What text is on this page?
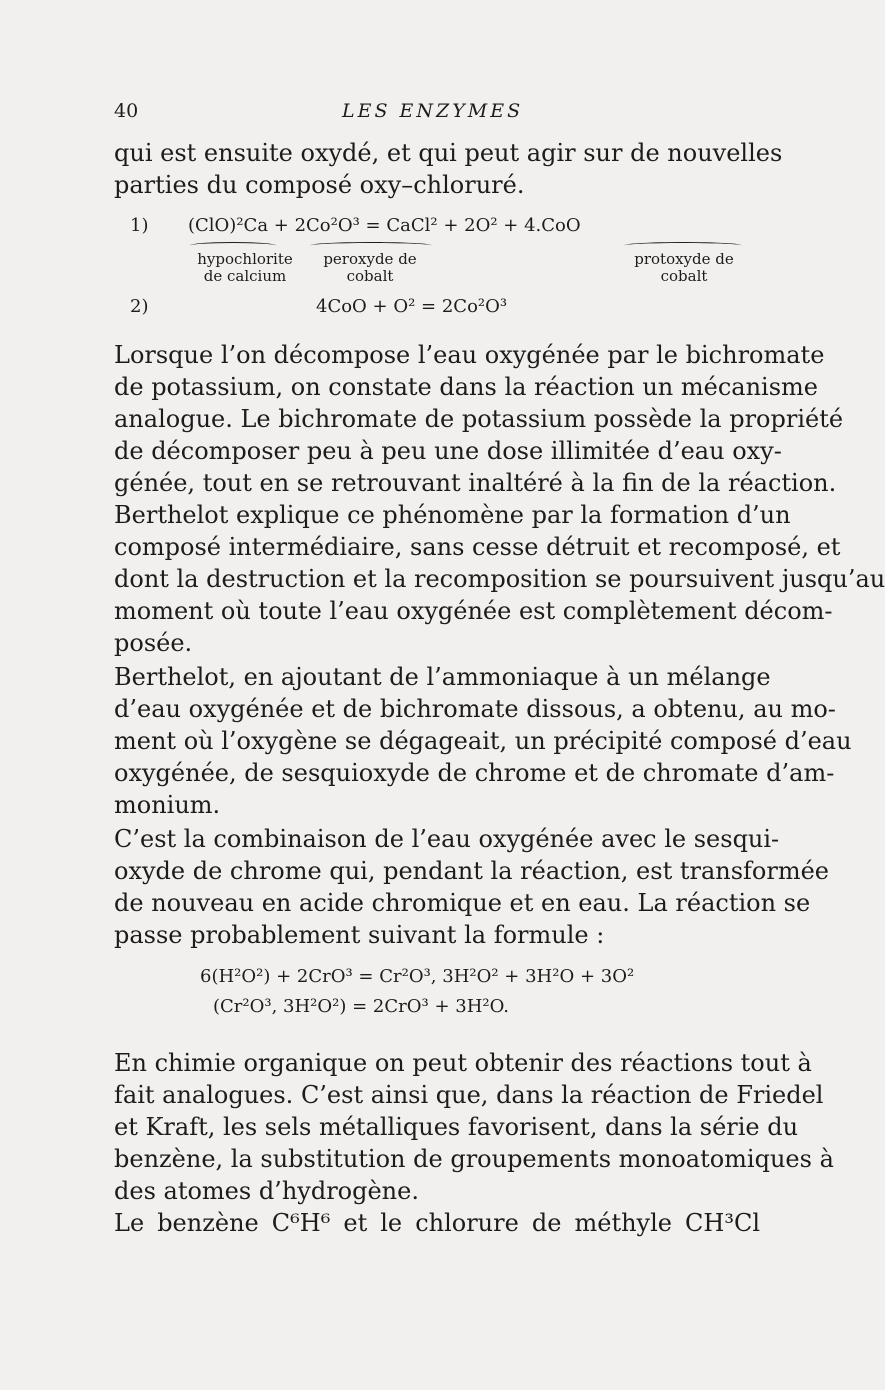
40	LES ENZYMES
qui est ensuite oxydé, et qui peut agir sur de nouvelles
parties du composé oxy–chloruré.
1) (ClO)²Ca + 2Co²O³ = CaCl² + 2O² + 4.CoO
hypochlorite
de calcium
peroxyde de
cobalt
protoxyde de
cobalt
2)	4CoO + O² = 2Co²O³
Lorsque l’on décompose l’eau oxygénée par le bichromate
de potassium, on constate dans la réaction un mécanisme
analogue. Le bichromate de potassium possède la propriété
de décomposer peu à peu une dose illimitée d’eau oxy-
génée, tout en se retrouvant inaltéré à la fin de la réaction.
Berthelot explique ce phénomène par la formation d’un
composé intermédiaire, sans cesse détruit et recomposé, et
dont la destruction et la recomposition se poursuivent jusqu’au
moment où toute l’eau oxygénée est complètement décom-
posée.
Berthelot, en ajoutant de l’ammoniaque à un mélange
d’eau oxygénée et de bichromate dissous, a obtenu, au mo-
ment où l’oxygène se dégageait, un précipité composé d’eau
oxygénée, de sesquioxyde de chrome et de chromate d’am-
monium.
C’est la combinaison de l’eau oxygénée avec le sesqui-
oxyde de chrome qui, pendant la réaction, est transformée
de nouveau en acide chromique et en eau. La réaction se
passe probablement suivant la formule :
6(H²O²) + 2CrO³ = Cr²O³, 3H²O² + 3H²O + 3O²
(Cr²O³, 3H²O²) = 2CrO³ + 3H²O.
En chimie organique on peut obtenir des réactions tout à
fait analogues. C’est ainsi que, dans la réaction de Friedel
et Kraft, les sels métalliques favorisent, dans la série du
benzène, la substitution de groupements monoatomiques à
des atomes d’hydrogène.
Le benzène C⁶H⁶ et le chlorure de méthyle CH³Cl
